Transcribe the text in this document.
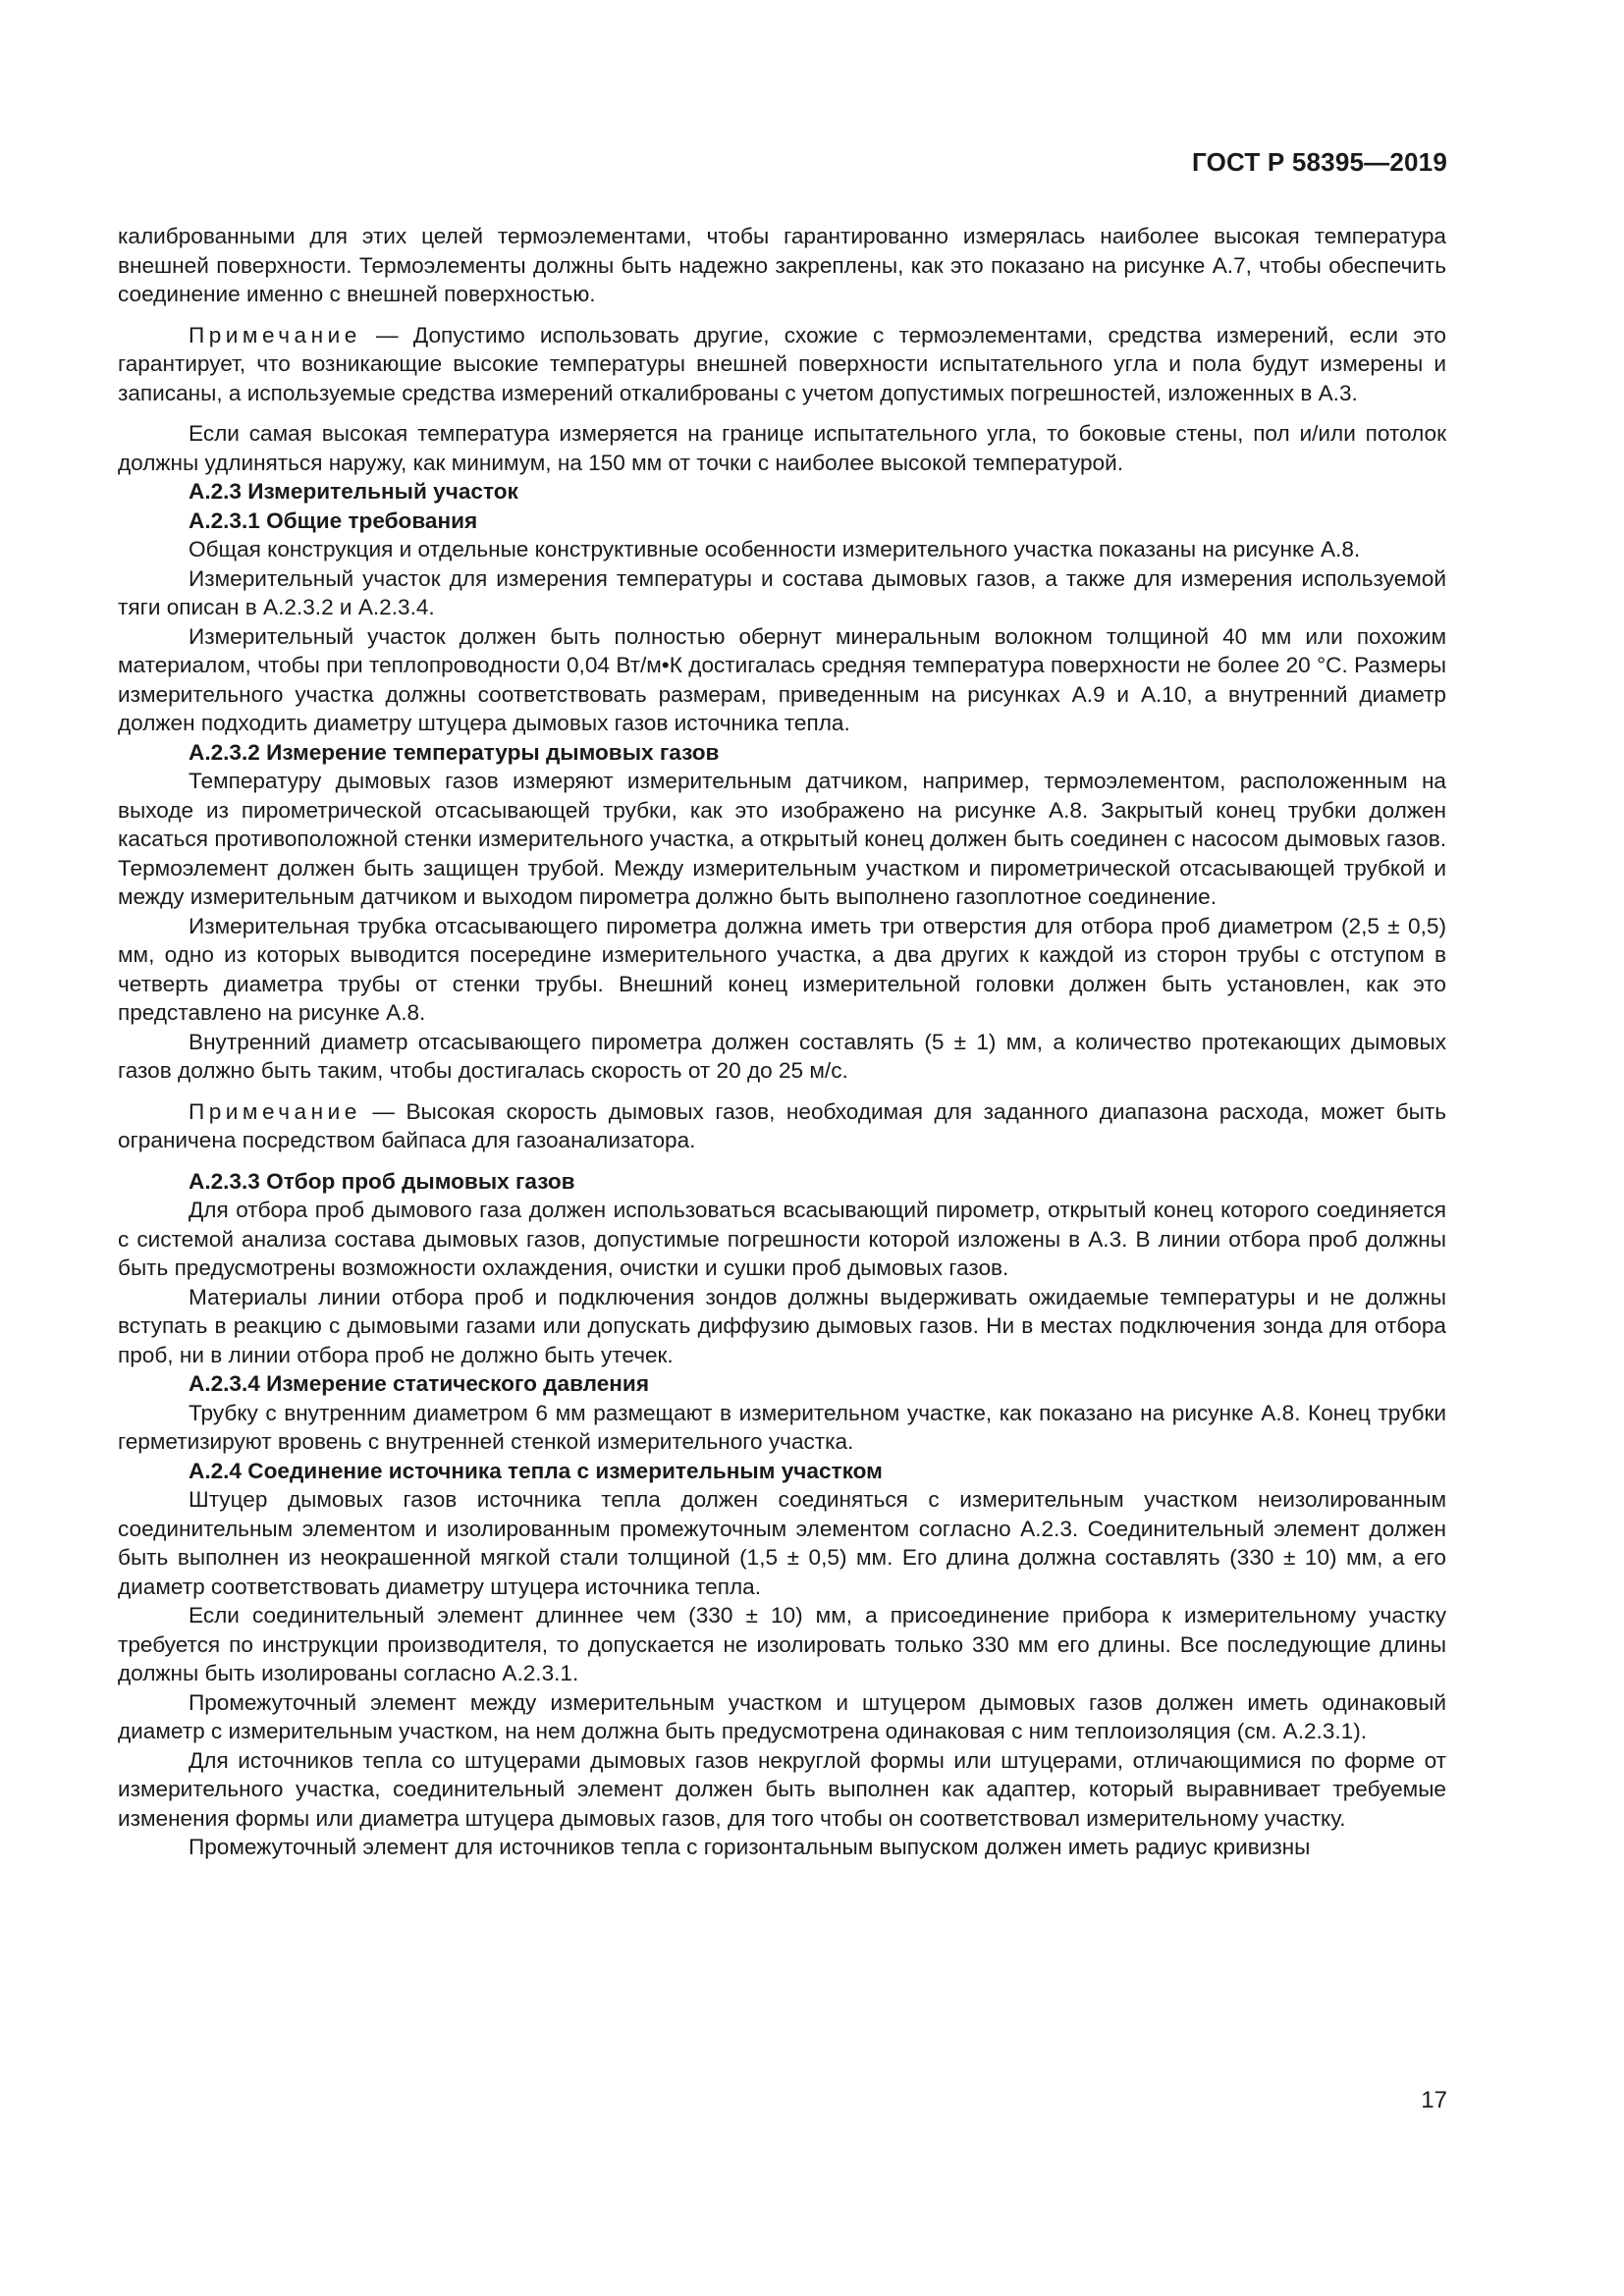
ГОСТ Р 58395—2019

калиброванными для этих целей термоэлементами, чтобы гарантированно измерялась наиболее высокая температура внешней поверхности. Термоэлементы должны быть надежно закреплены, как это показано на рисунке А.7, чтобы обеспечить соединение именно с внешней поверхностью.

Примечание — Допустимо использовать другие, схожие с термоэлементами, средства измерений, если это гарантирует, что возникающие высокие температуры внешней поверхности испытательного угла и пола будут измерены и записаны, а используемые средства измерений откалиброваны с учетом допустимых погрешностей, изложенных в А.3.

Если самая высокая температура измеряется на границе испытательного угла, то боковые стены, пол и/или потолок должны удлиняться наружу, как минимум, на 150 мм от точки с наиболее высокой температурой.

А.2.3 Измерительный участок
А.2.3.1 Общие требования

Общая конструкция и отдельные конструктивные особенности измерительного участка показаны на рисунке А.8.

Измерительный участок для измерения температуры и состава дымовых газов, а также для измерения используемой тяги описан в А.2.3.2 и А.2.3.4.

Измерительный участок должен быть полностью обернут минеральным волокном толщиной 40 мм или похожим материалом, чтобы при теплопроводности 0,04 Вт/м•К достигалась средняя температура поверхности не более 20 °С. Размеры измерительного участка должны соответствовать размерам, приведенным на рисунках А.9 и А.10, а внутренний диаметр должен подходить диаметру штуцера дымовых газов источника тепла.

А.2.3.2 Измерение температуры дымовых газов

Температуру дымовых газов измеряют измерительным датчиком, например, термоэлементом, расположенным на выходе из пирометрической отсасывающей трубки, как это изображено на рисунке А.8. Закрытый конец трубки должен касаться противоположной стенки измерительного участка, а открытый конец должен быть соединен с насосом дымовых газов. Термоэлемент должен быть защищен трубой. Между измерительным участком и пирометрической отсасывающей трубкой и между измерительным датчиком и выходом пирометра должно быть выполнено газоплотное соединение.

Измерительная трубка отсасывающего пирометра должна иметь три отверстия для отбора проб диаметром (2,5 ± 0,5) мм, одно из которых выводится посередине измерительного участка, а два других к каждой из сторон трубы с отступом в четверть диаметра трубы от стенки трубы. Внешний конец измерительной головки должен быть установлен, как это представлено на рисунке А.8.

Внутренний диаметр отсасывающего пирометра должен составлять (5 ± 1) мм, а количество протекающих дымовых газов должно быть таким, чтобы достигалась скорость от 20 до 25 м/с.

Примечание — Высокая скорость дымовых газов, необходимая для заданного диапазона расхода, может быть ограничена посредством байпаса для газоанализатора.

А.2.3.3 Отбор проб дымовых газов

Для отбора проб дымового газа должен использоваться всасывающий пирометр, открытый конец которого соединяется с системой анализа состава дымовых газов, допустимые погрешности которой изложены в А.3. В линии отбора проб должны быть предусмотрены возможности охлаждения, очистки и сушки проб дымовых газов.

Материалы линии отбора проб и подключения зондов должны выдерживать ожидаемые температуры и не должны вступать в реакцию с дымовыми газами или допускать диффузию дымовых газов. Ни в местах подключения зонда для отбора проб, ни в линии отбора проб не должно быть утечек.

А.2.3.4 Измерение статического давления

Трубку с внутренним диаметром 6 мм размещают в измерительном участке, как показано на рисунке А.8. Конец трубки герметизируют вровень с внутренней стенкой измерительного участка.

А.2.4 Соединение источника тепла с измерительным участком

Штуцер дымовых газов источника тепла должен соединяться с измерительным участком неизолированным соединительным элементом и изолированным промежуточным элементом согласно А.2.3. Соединительный элемент должен быть выполнен из неокрашенной мягкой стали толщиной (1,5 ± 0,5) мм. Его длина должна составлять (330 ± 10) мм, а его диаметр соответствовать диаметру штуцера источника тепла.

Если соединительный элемент длиннее чем (330 ± 10) мм, а присоединение прибора к измерительному участку требуется по инструкции производителя, то допускается не изолировать только 330 мм его длины. Все последующие длины должны быть изолированы согласно А.2.3.1.

Промежуточный элемент между измерительным участком и штуцером дымовых газов должен иметь одинаковый диаметр с измерительным участком, на нем должна быть предусмотрена одинаковая с ним теплоизоляция (см. А.2.3.1).

Для источников тепла со штуцерами дымовых газов некруглой формы или штуцерами, отличающимися по форме от измерительного участка, соединительный элемент должен быть выполнен как адаптер, который выравнивает требуемые изменения формы или диаметра штуцера дымовых газов, для того чтобы он соответствовал измерительному участку.

Промежуточный элемент для источников тепла с горизонтальным выпуском должен иметь радиус кривизны

17
